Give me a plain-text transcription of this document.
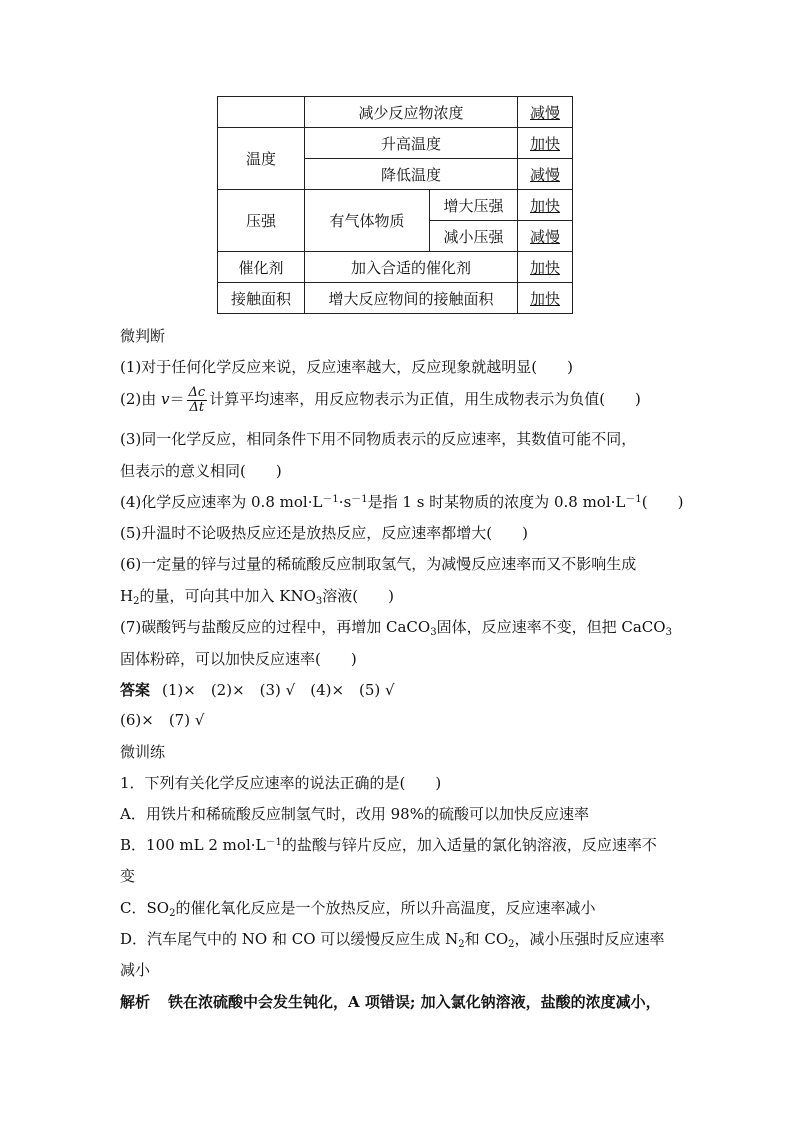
	减少反应物浓度		减慢
温度	升高温度		加快
	降低温度		减慢
压强	有气体物质	增大压强	加快
		减小压强	减慢
催化剂	加入合适的催化剂		加快
接触面积	增大反应物间的接触面积		加快
微判断
(1)对于任何化学反应来说，反应速率越大，反应现象就越明显(　　)
(2)由 $v= \frac{\Delta c}{\Delta t}$ 计算平均速率，用反应物表示为正值，用生成物表示为负值(　　)
(3)同一化学反应，相同条件下用不同物质表示的反应速率，其数值可能不同，
但表示的意义相同(　　)
(4)化学反应速率为 0.8 $mol\cdot L^{-1}\cdot s^{-1}$是指 1 s 时某物质的浓度为 0.8 $mol\cdot L^{-1}$(　　)
(5)升温时不论吸热反应还是放热反应，反应速率都增大(　　)
(6)一定量的锌与过量的稀硫酸反应制取氢气，为减慢反应速率而又不影响生成
$H_2$的量，可向其中加入 $KNO_3$溶液(　　)
(7)碳酸钙与盐酸反应的过程中，再增加 CaCO$_3$固体，反应速率不变，但把 CaCO$_3$
固体粉碎，可以加快反应速率(　　)
答案 (1)×　(2)×　(3) √　(4)×　(5) √
(6)×　(7) √
微训练
1．下列有关化学反应速率的说法正确的是(　　)
A．用铁片和稀硫酸反应制氢气时，改用 98%的硫酸可以加快反应速率
B．100 mL 2 $mol\cdot L^{-1}$的盐酸与锌片反应，加入适量的氯化钠溶液，反应速率不
变
C．$SO_2$的催化氧化反应是一个放热反应，所以升高温度，反应速率减小
D．汽车尾气中的 NO 和 CO 可以缓慢反应生成 $N_2$和 $CO_2$，减小压强时反应速率
减小
解析 铁在浓硫酸中会发生钝化，A 项错误; 加入氯化钠溶液，盐酸的浓度减小，
